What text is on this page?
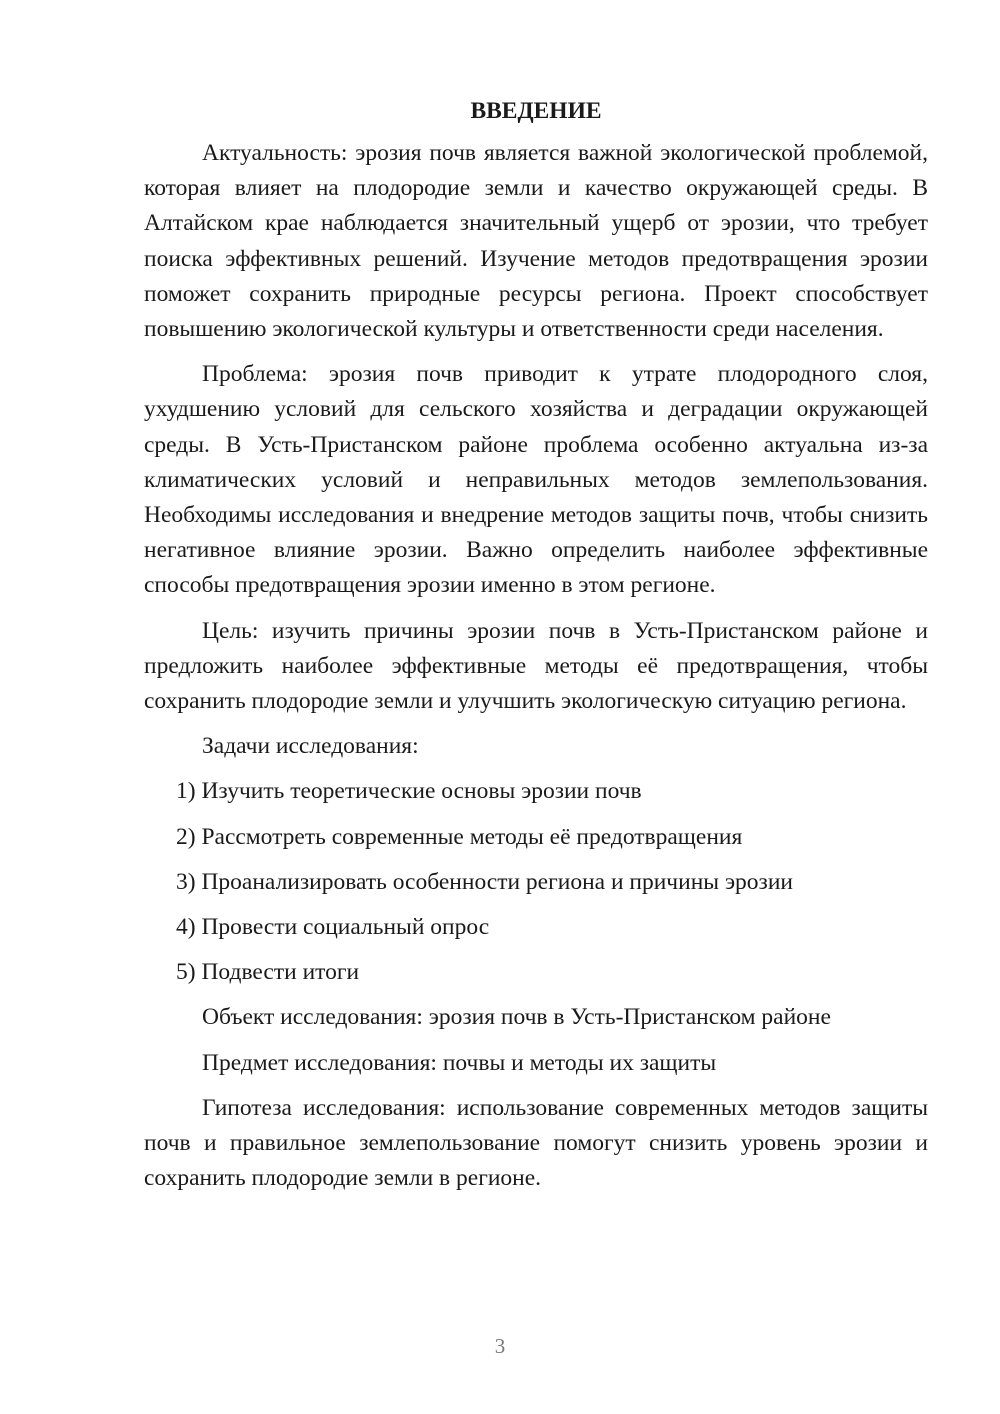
ВВЕДЕНИЕ

Актуальность: эрозия почв является важной экологической проблемой, которая влияет на плодородие земли и качество окружающей среды. В Алтайском крае наблюдается значительный ущерб от эрозии, что требует поиска эффективных решений. Изучение методов предотвращения эрозии поможет сохранить природные ресурсы региона. Проект способствует повышению экологической культуры и ответственности среди населения.

Проблема: эрозия почв приводит к утрате плодородного слоя, ухудшению условий для сельского хозяйства и деградации окружающей среды. В Усть-Пристанском районе проблема особенно актуальна из-за климатических условий и неправильных методов землепользования. Необходимы исследования и внедрение методов защиты почв, чтобы снизить негативное влияние эрозии. Важно определить наиболее эффективные способы предотвращения эрозии именно в этом регионе.

Цель: изучить причины эрозии почв в Усть-Пристанском районе и предложить наиболее эффективные методы её предотвращения, чтобы сохранить плодородие земли и улучшить экологическую ситуацию региона.

Задачи исследования:

1) Изучить теоретические основы эрозии почв
2) Рассмотреть современные методы её предотвращения
3) Проанализировать особенности региона и причины эрозии
4) Провести социальный опрос
5) Подвести итоги

Объект исследования: эрозия почв в Усть-Пристанском районе

Предмет исследования: почвы и методы их защиты

Гипотеза исследования: использование современных методов защиты почв и правильное землепользование помогут снизить уровень эрозии и сохранить плодородие земли в регионе.

3
